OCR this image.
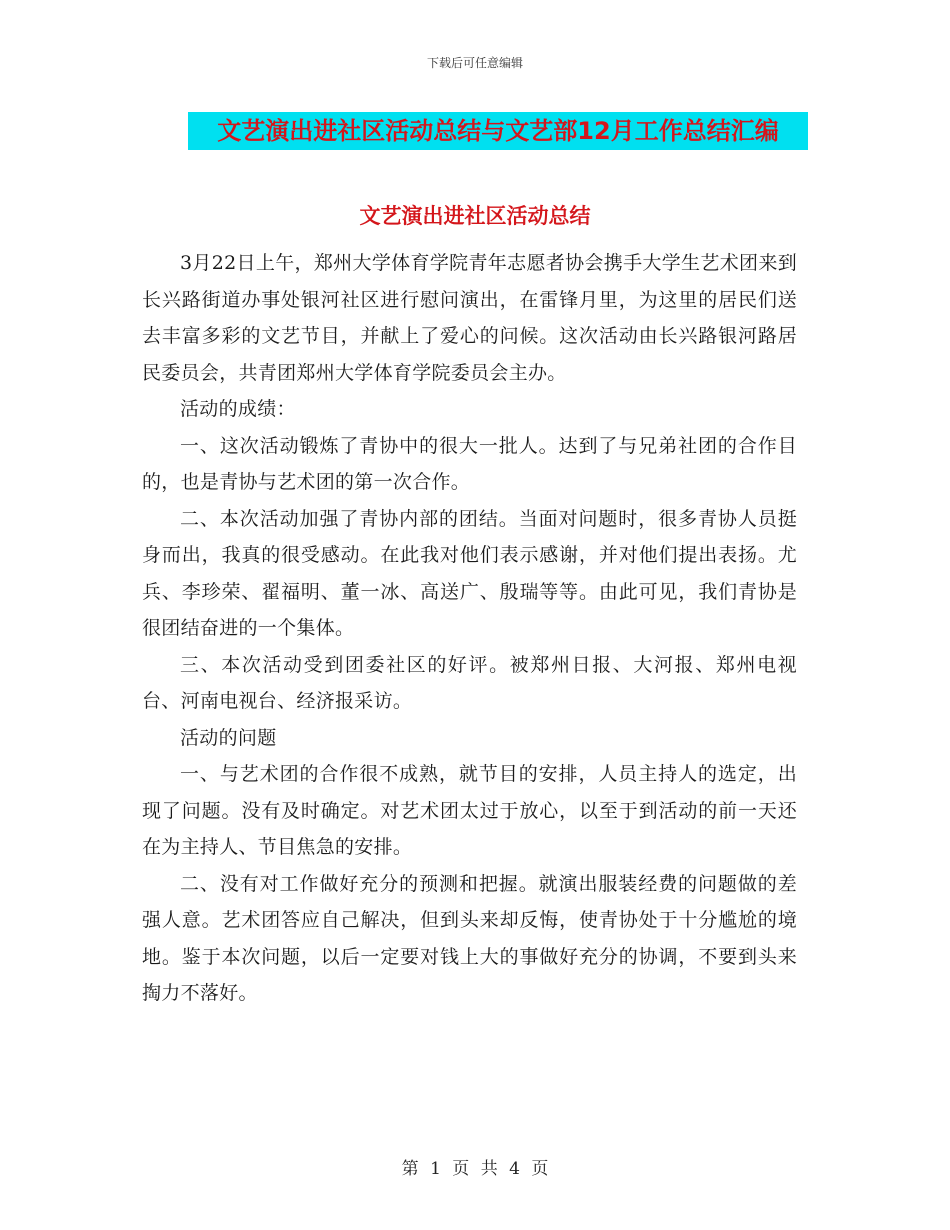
下载后可任意编辑
文艺演出进社区活动总结与文艺部12月工作总结汇编
文艺演出进社区活动总结

3月22日上午，郑州大学体育学院青年志愿者协会携手大学生艺术团来到长兴路街道办事处银河社区进行慰问演出，在雷锋月里，为这里的居民们送去丰富多彩的文艺节目，并献上了爱心的问候。这次活动由长兴路银河路居民委员会，共青团郑州大学体育学院委员会主办。

活动的成绩：

一、这次活动锻炼了青协中的很大一批人。达到了与兄弟社团的合作目的，也是青协与艺术团的第一次合作。

二、本次活动加强了青协内部的团结。当面对问题时，很多青协人员挺身而出，我真的很受感动。在此我对他们表示感谢，并对他们提出表扬。尤兵、李珍荣、翟福明、董一冰、高送广、殷瑞等等。由此可见，我们青协是很团结奋进的一个集体。

三、本次活动受到团委社区的好评。被郑州日报、大河报、郑州电视台、河南电视台、经济报采访。

活动的问题

一、与艺术团的合作很不成熟，就节目的安排，人员主持人的选定，出现了问题。没有及时确定。对艺术团太过于放心，以至于到活动的前一天还在为主持人、节目焦急的安排。

二、没有对工作做好充分的预测和把握。就演出服装经费的问题做的差强人意。艺术团答应自己解决，但到头来却反悔，使青协处于十分尴尬的境地。鉴于本次问题，以后一定要对钱上大的事做好充分的协调，不要到头来掏力不落好。

第 1 页 共 4 页
